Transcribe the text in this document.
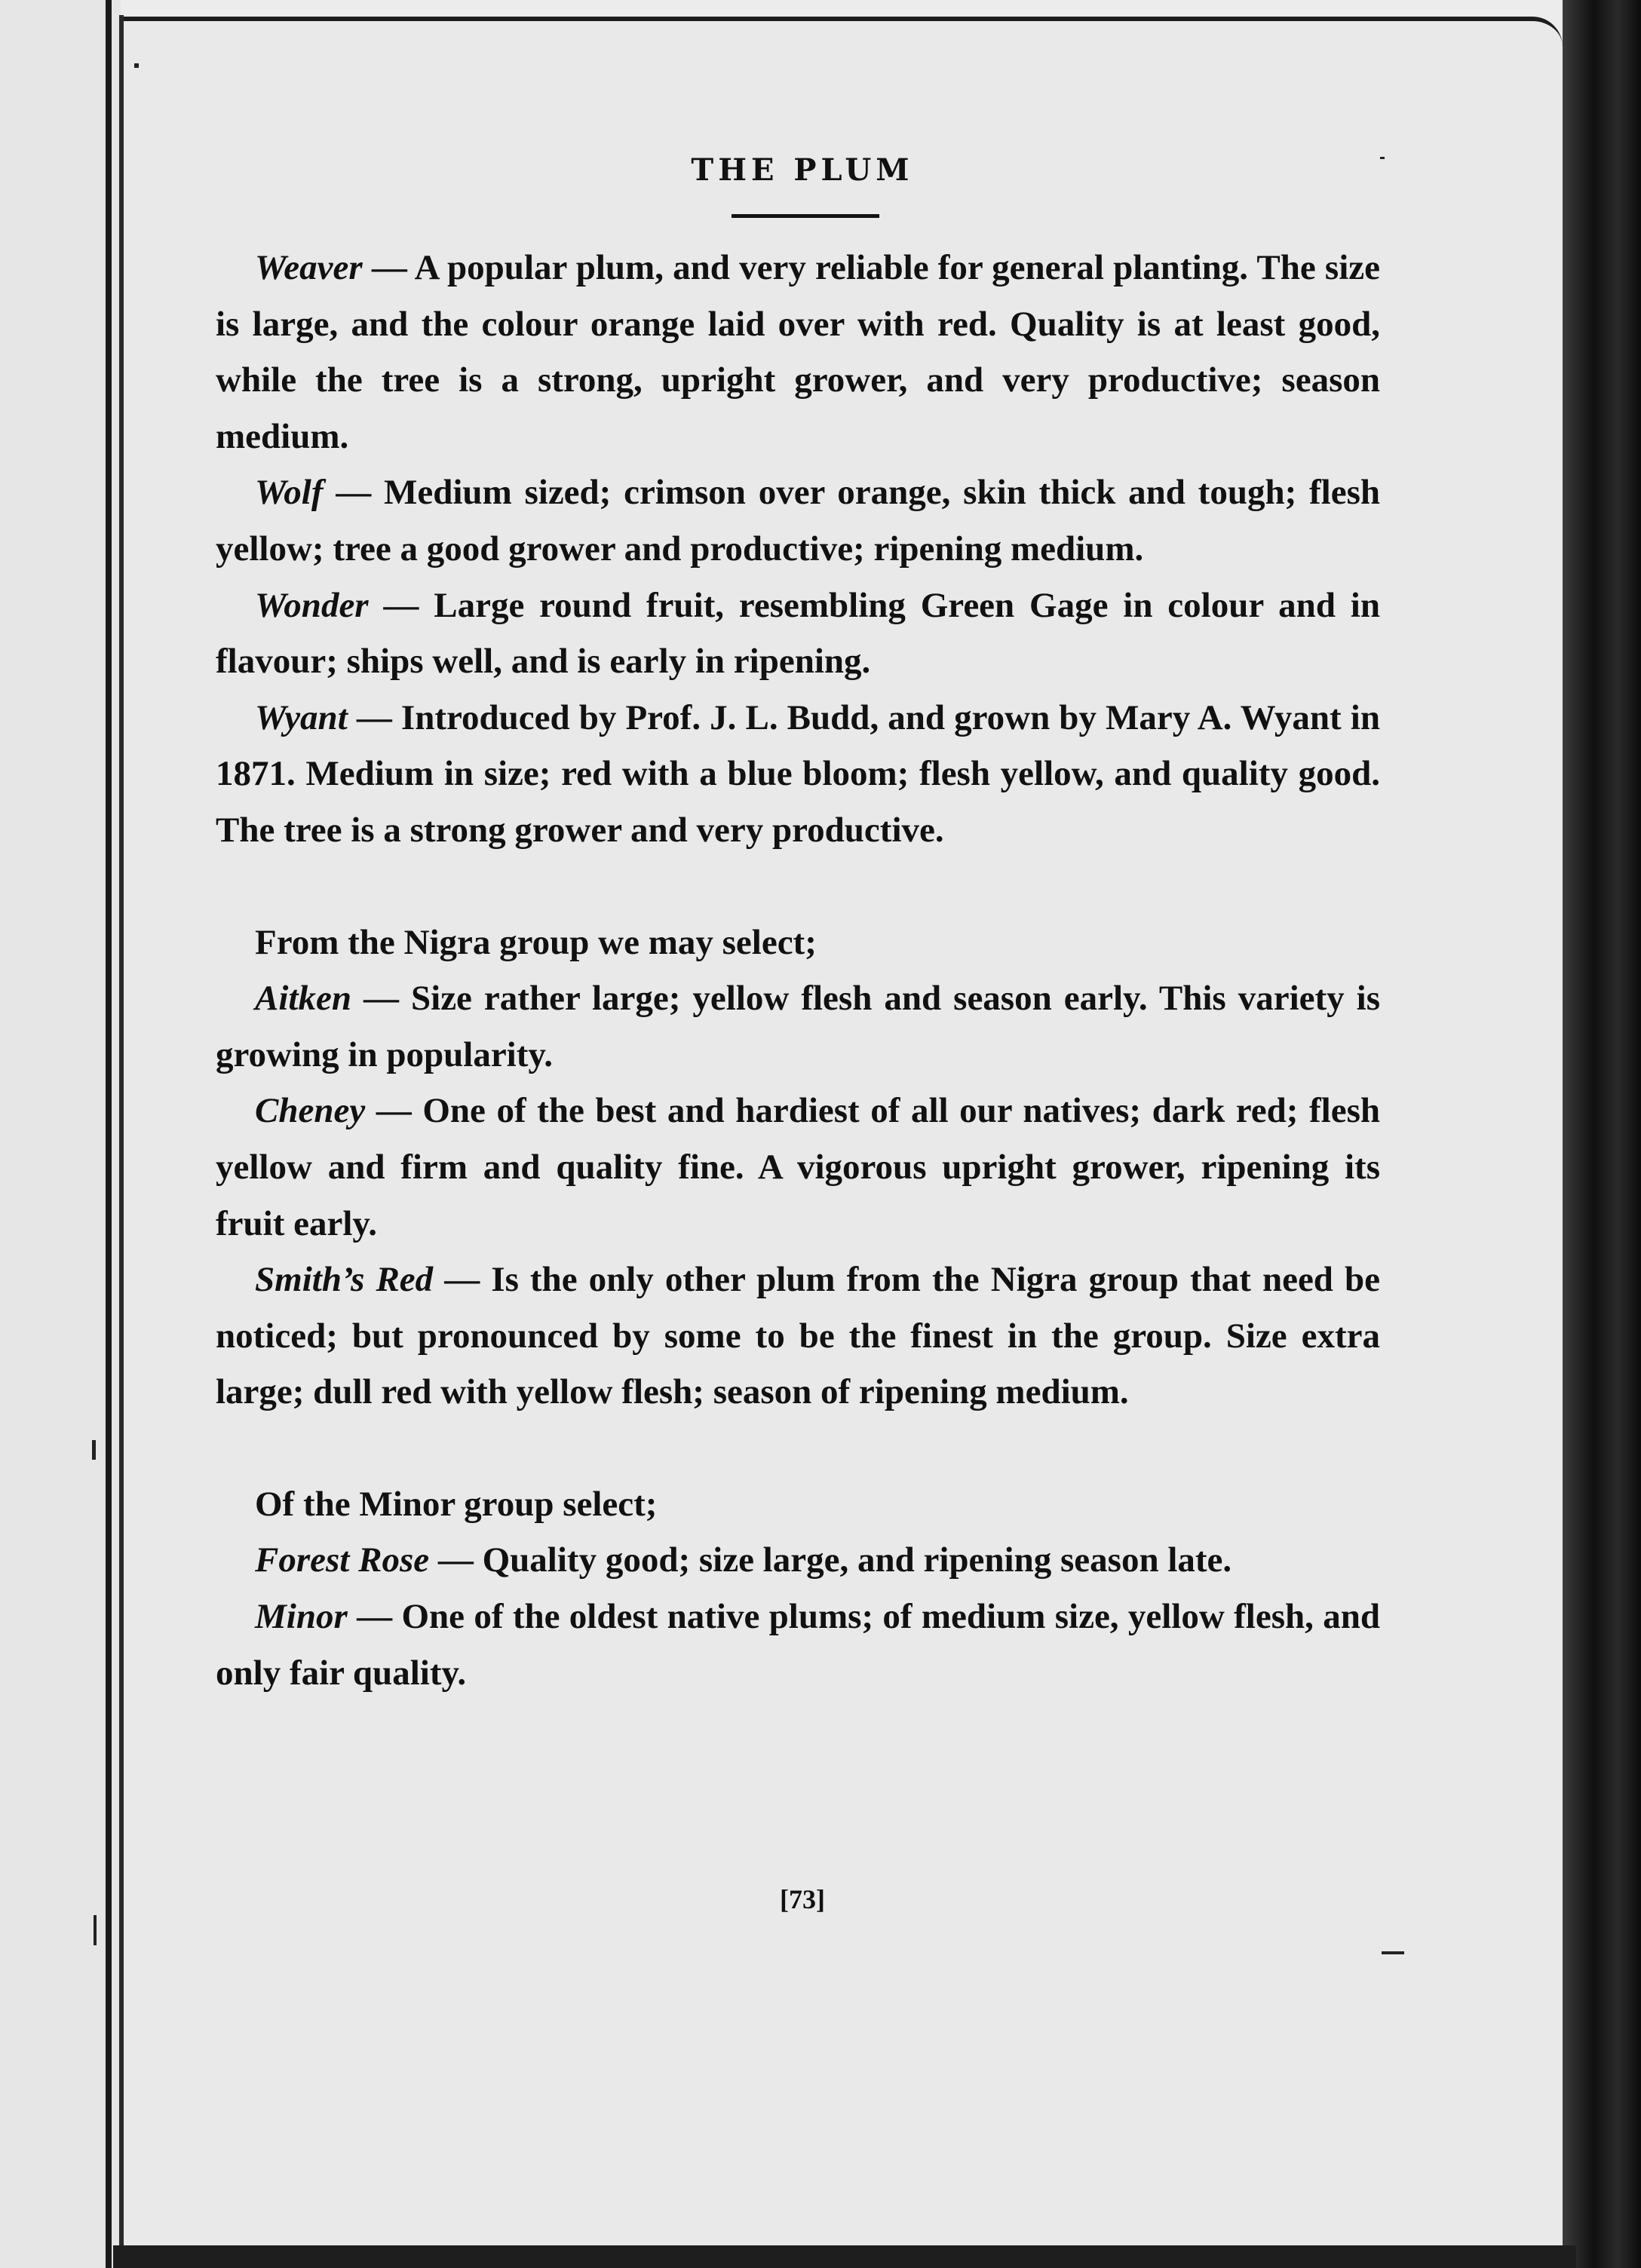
THE PLUM

Weaver — A popular plum, and very reliable for general planting. The size is large, and the colour orange laid over with red. Quality is at least good, while the tree is a strong, upright grower, and very productive; season medium.

Wolf — Medium sized; crimson over orange, skin thick and tough; flesh yellow; tree a good grower and productive; ripening medium.

Wonder — Large round fruit, resembling Green Gage in colour and in flavour; ships well, and is early in ripening.

Wyant — Introduced by Prof. J. L. Budd, and grown by Mary A. Wyant in 1871. Medium in size; red with a blue bloom; flesh yellow, and quality good. The tree is a strong grower and very productive.

From the Nigra group we may select;

Aitken — Size rather large; yellow flesh and season early. This variety is growing in popularity.

Cheney — One of the best and hardiest of all our natives; dark red; flesh yellow and firm and quality fine. A vigorous upright grower, ripening its fruit early.

Smith’s Red — Is the only other plum from the Nigra group that need be noticed; but pronounced by some to be the finest in the group. Size extra large; dull red with yellow flesh; season of ripening medium.

Of the Minor group select;

Forest Rose — Quality good; size large, and ripening season late.

Minor — One of the oldest native plums; of medium size, yellow flesh, and only fair quality.

[73]
